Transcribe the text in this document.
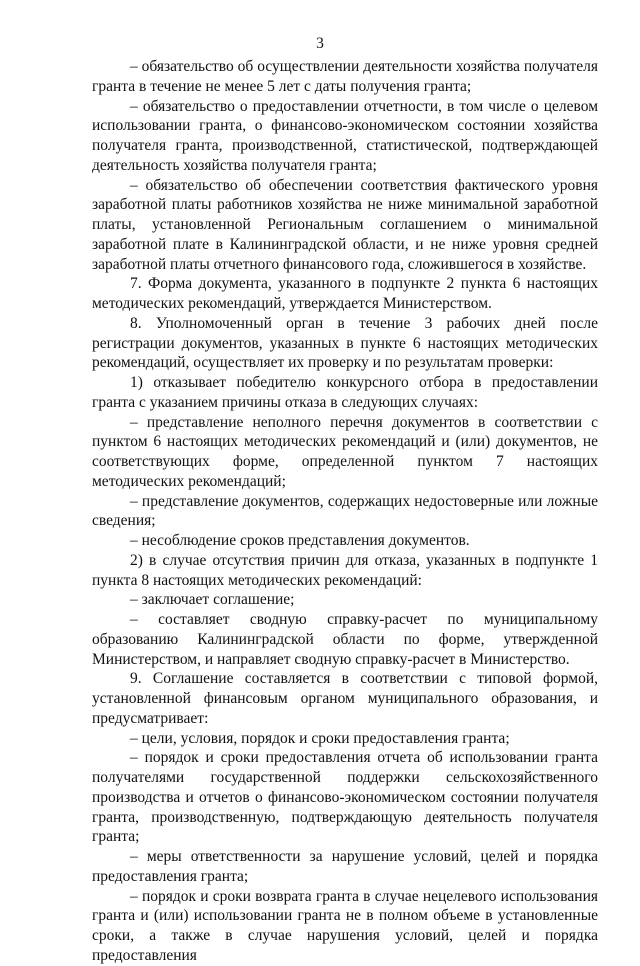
3

– обязательство об осуществлении деятельности хозяйства получателя гранта в течение не менее 5 лет с даты получения гранта;

– обязательство о предоставлении отчетности, в том числе о целевом использовании гранта, о финансово-экономическом состоянии хозяйства получателя гранта, производственной, статистической, подтверждающей деятельность хозяйства получателя гранта;

– обязательство об обеспечении соответствия фактического уровня заработной платы работников хозяйства не ниже минимальной заработной платы, установленной Региональным соглашением о минимальной заработной плате в Калининградской области, и не ниже уровня средней заработной платы отчетного финансового года, сложившегося в хозяйстве.

7. Форма документа, указанного в подпункте 2 пункта 6 настоящих методических рекомендаций, утверждается Министерством.

8. Уполномоченный орган в течение 3 рабочих дней после регистрации документов, указанных в пункте 6 настоящих методических рекомендаций, осуществляет их проверку и по результатам проверки:

1) отказывает победителю конкурсного отбора в предоставлении гранта с указанием причины отказа в следующих случаях:

– представление неполного перечня документов в соответствии с пунктом 6 настоящих методических рекомендаций и (или) документов, не соответствующих форме, определенной пунктом 7 настоящих методических рекомендаций;

– представление документов, содержащих недостоверные или ложные сведения;

– несоблюдение сроков представления документов.

2) в случае отсутствия причин для отказа, указанных в подпункте 1 пункта 8 настоящих методических рекомендаций:

– заключает соглашение;

– составляет сводную справку-расчет по муниципальному образованию Калининградской области по форме, утвержденной Министерством, и направляет сводную справку-расчет в Министерство.

9. Соглашение составляется в соответствии с типовой формой, установленной финансовым органом муниципального образования, и предусматривает:

– цели, условия, порядок и сроки предоставления гранта;

– порядок и сроки предоставления отчета об использовании гранта получателями государственной поддержки сельскохозяйственного производства и отчетов о финансово-экономическом состоянии получателя гранта, производственную, подтверждающую деятельность получателя гранта;

– меры ответственности за нарушение условий, целей и порядка предоставления гранта;

– порядок и сроки возврата гранта в случае нецелевого использования гранта и (или) использовании гранта не в полном объеме в установленные сроки, а также в случае нарушения условий, целей и порядка предоставления
